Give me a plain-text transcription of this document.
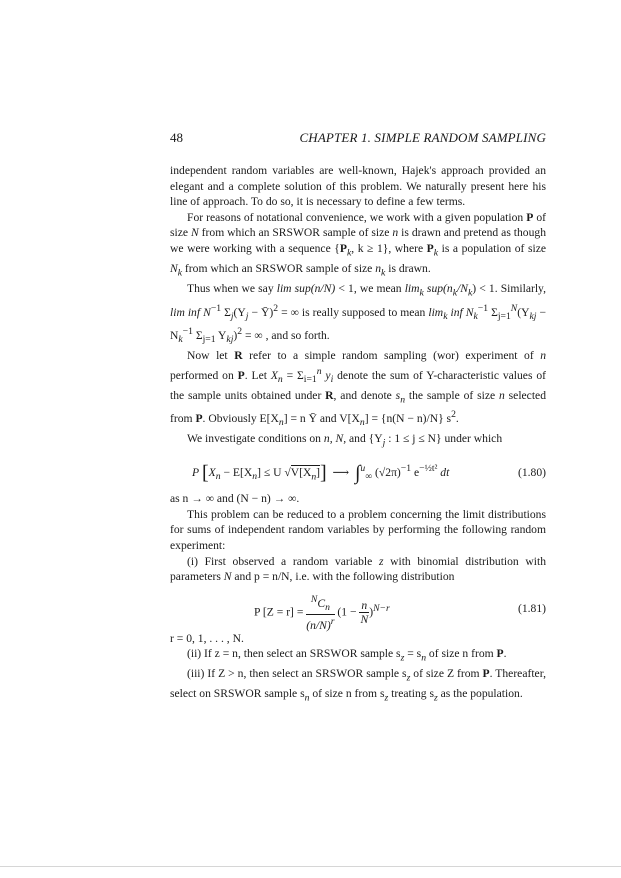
48	CHAPTER 1. SIMPLE RANDOM SAMPLING

independent random variables are well-known, Hajek's approach provided an elegant and a complete solution of this problem. We naturally present here his line of approach. To do so, it is necessary to define a few terms.

For reasons of notational convenience, we work with a given population P of size N from which an SRSWOR sample of size n is drawn and pretend as though we were working with a sequence {$P_k$, k ≥ 1}, where $P_k$ is a population of size $N_k$ from which an SRSWOR sample of size $n_k$ is drawn.

Thus when we say lim sup(n/N) < 1, we mean $\lim_k sup(n_k/N_k) < 1$. Similarly, lim inf $N^{-1}$ $\Sigma_j(Y_j$ − Ȳ)$^2$ = ∞ is really supposed to mean $\lim_k$ inf $N_k^{-1}$ $\Sigma_{j=1}^N(Y_{kj} - N_k^{-1}$ $\Sigma_{j=1}$ $Y_{kj})^2$ = ∞ , and so forth.

Now let R refer to a simple random sampling (wor) experiment of n performed on P. Let $X_n = \Sigma_{i=1}^n$ $y_i$ denote the sum of Y-characteristic values of the sample units obtained under R, and denote $s_n$ the sample of size n selected from P. Obviously $E[X_n] = n$ Ȳ and $V[X_n] = \{n(N - n)/N\}$ $s^2$.

We investigate conditions on n, N, and {$Y_j$ : 1 ≤ j ≤ N} under which

P [$X_n - E[X_n] \le U$ $√V[X_n]$] ⟶ ∫$^u_\infty$ $(√2\pi)^{-1}$ $e^{-\frac{1}{2}t^2}$ dt	(1.80)

as n → ∞ and (N − n) → ∞.

This problem can be reduced to a problem concerning the limit distributions for sums of independent random variables by performing the following random experiment:

(i) First observed a random variable z with binomial distribution with parameters N and p = n/N, i.e. with the following distribution

P $[Z = r] = \frac{^NC_n}{(n/N)^r} (1 - \frac{n}{N} )^{N-r}$	(1.81)

r = 0, 1, . . . , N.

(ii) If z = n, then select an SRSWOR sample $s_z = s_n$ of size n from P.

(iii) If Z > n, then select an SRSWOR sample $s_z$ of size Z from P. Thereafter, select on SRSWOR sample $s_n$ of size n from $s_z$ treating $s_z$ as the population.
